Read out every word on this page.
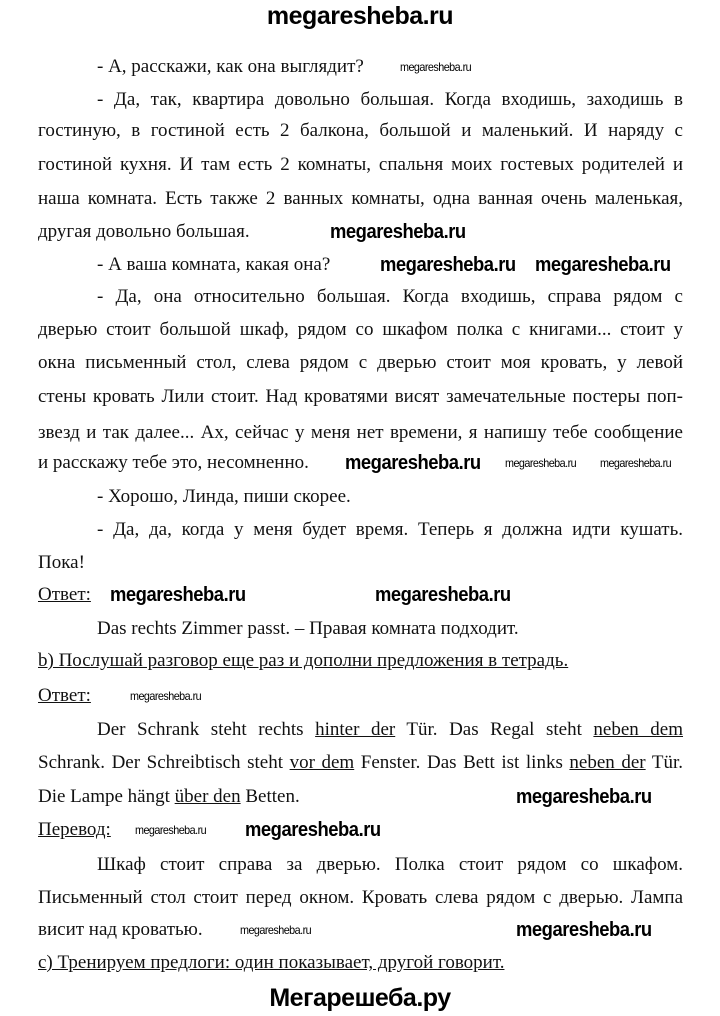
megaresheba.ru
- А, расскажи, как она выглядит?
- Да, так, квартира довольно большая. Когда входишь, заходишь в
гостиную, в гостиной есть 2 балкона, большой и маленький. И наряду с
гостиной кухня. И там есть 2 комнаты, спальня моих гостевых родителей и
наша комната. Есть также 2 ванных комнаты, одна ванная очень маленькая,
другая довольно большая.
- А ваша комната, какая она?
- Да, она относительно большая. Когда входишь, справа рядом с
дверью стоит большой шкаф, рядом со шкафом полка с книгами... стоит у
окна письменный стол, слева рядом с дверью стоит моя кровать, у левой
стены кровать Лили стоит. Над кроватями висят замечательные постеры поп-
звезд и так далее... Ах, сейчас у меня нет времени, я напишу тебе сообщение
и расскажу тебе это, несомненно.
- Хорошо, Линда, пиши скорее.
- Да, да, когда у меня будет время. Теперь я должна идти кушать.
Пока!
Ответ:
Das rechts Zimmer passt. – Правая комната подходит.
b) Послушай разговор еще раз и дополни предложения в тетрадь.
Ответ:
Der Schrank steht rechts hinter der Tür. Das Regal steht neben dem
Schrank. Der Schreibtisch steht vor dem Fenster. Das Bett ist links neben der Tür.
Die Lampe hängt über den Betten.
Перевод:
Шкаф стоит справа за дверью. Полка стоит рядом со шкафом.
Письменный стол стоит перед окном. Кровать слева рядом с дверью. Лампа
висит над кроватью.
c) Тренируем предлоги: один показывает, другой говорит.
megaresheba.ru
megaresheba.ru
megaresheba.ru megaresheba.ru
megaresheba.ru megaresheba.ru megaresheba.ru
megaresheba.ru	megaresheba.ru
megaresheba.ru
megaresheba.ru
megaresheba.ru megaresheba.ru
megaresheba.ru	megaresheba.ru
Мегарешеба.ру
